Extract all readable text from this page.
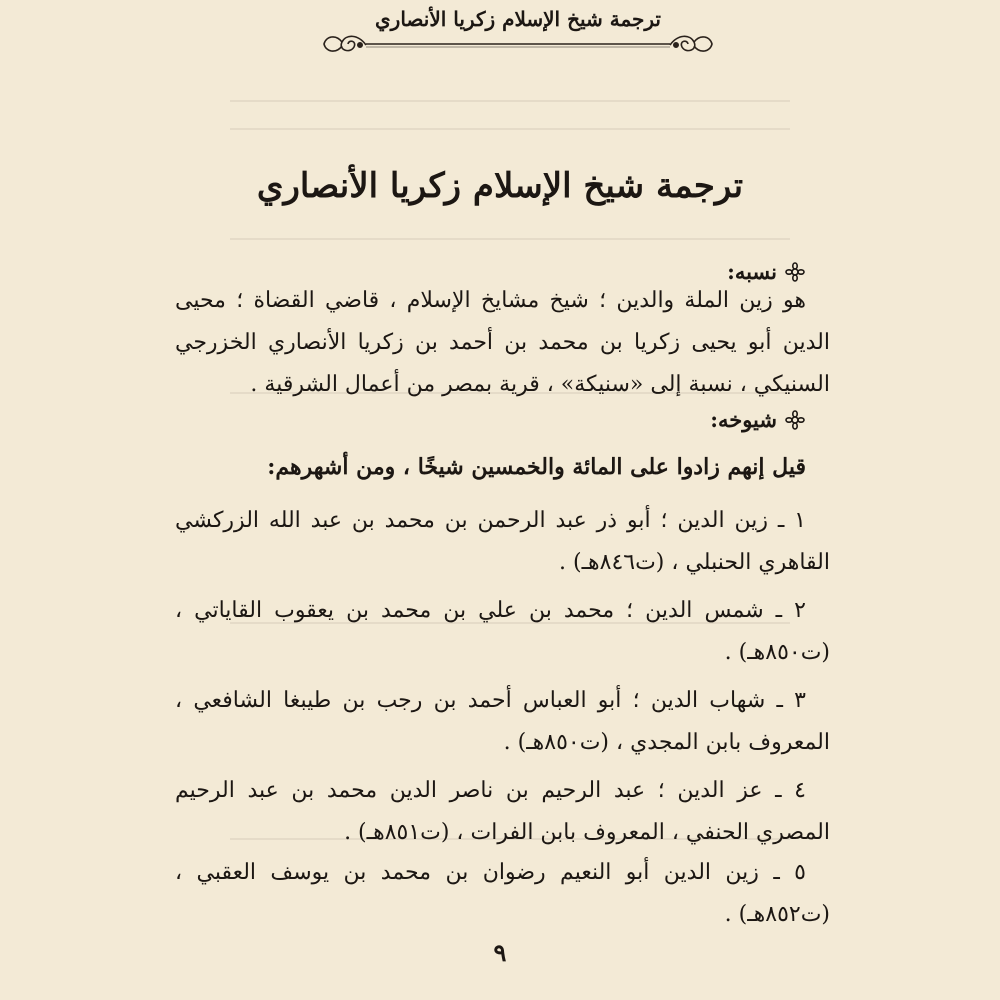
ترجمة شيخ الإسلام زكريا الأنصاري
ترجمة شيخ الإسلام زكريا الأنصاري
نسبه:

هو زين الملة والدين ؛ شيخ مشايخ الإسلام ، قاضي القضاة ؛ محيى الدين أبو يحيى زكريا بن محمد بن أحمد بن زكريا الأنصاري الخزرجي السنيكي ، نسبة إلى «سنيكة» ، قرية بمصر من أعمال الشرقية .

شيوخه:

قيل إنهم زادوا على المائة والخمسين شيخًا ، ومن أشهرهم:

١ ـ زين الدين ؛ أبو ذر عبد الرحمن بن محمد بن عبد الله الزركشي القاهري الحنبلي ، (ت٨٤٦هـ) .

٢ ـ شمس الدين ؛ محمد بن علي بن محمد بن يعقوب القاياتي ، (ت٨٥٠هـ) .

٣ ـ شهاب الدين ؛ أبو العباس أحمد بن رجب بن طيبغا الشافعي ، المعروف بابن المجدي ، (ت٨٥٠هـ) .

٤ ـ عز الدين ؛ عبد الرحيم بن ناصر الدين محمد بن عبد الرحيم المصري الحنفي ، المعروف بابن الفرات ، (ت٨٥١هـ) .

٥ ـ زين الدين أبو النعيم رضوان بن محمد بن يوسف العقبي ، (ت٨٥٢هـ) .

٩
